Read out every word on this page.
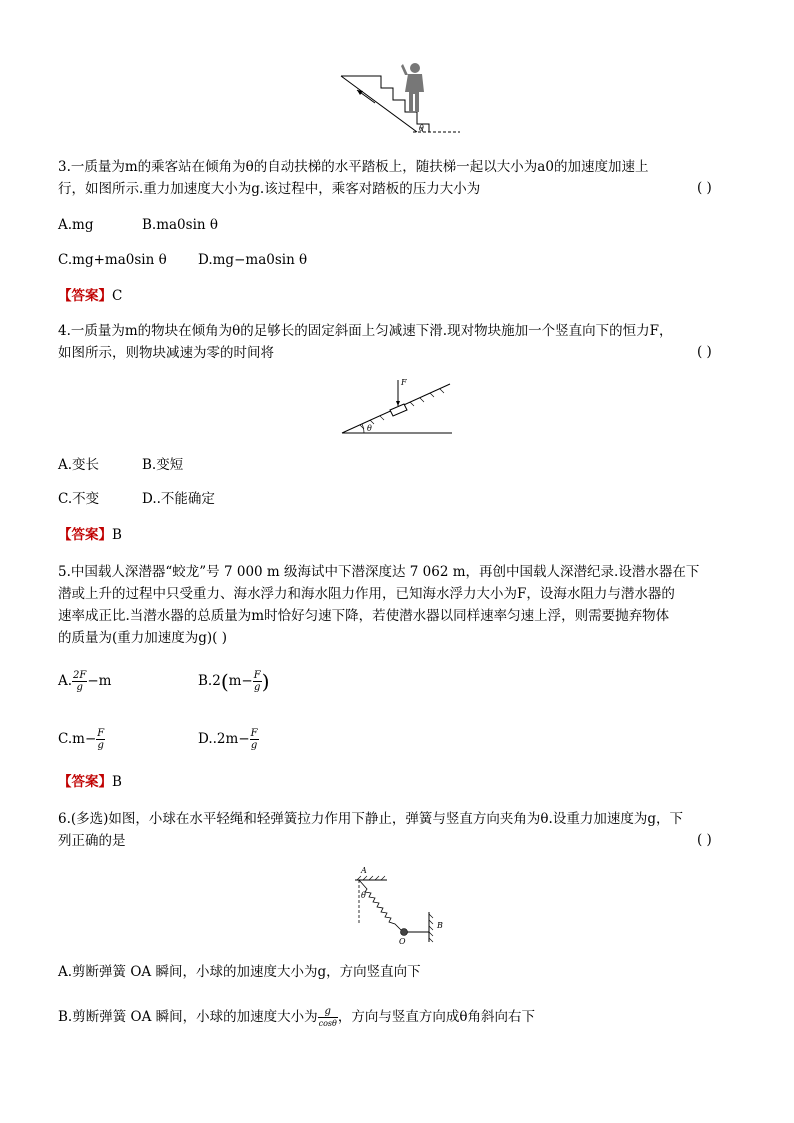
θ
3.一质量为m的乘客站在倾角为θ的自动扶梯的水平踏板上，随扶梯一起以大小为a0的加速度加速上
行，如图所示.重力加速度大小为g.该过程中，乘客对踏板的压力大小为	( )
A.mg	B.ma0sin θ
C.mg+ma0sin θ D.mg−ma0sin θ
【答案】C
4.一质量为m的物块在倾角为θ的足够长的固定斜面上匀减速下滑.现对物块施加一个竖直向下的恒力F，
如图所示，则物块减速为零的时间将	( )
F
θ
A.变长	B.变短
C.不变	D..不能确定
【答案】B
5.中国载人深潜器“蛟龙”号 7 000 m 级海试中下潜深度达 7 062 m，再创中国载人深潜纪录.设潜水器在下
潜或上升的过程中只受重力、海水浮力和海水阻力作用，已知海水浮力大小为F，设海水阻力与潜水器的
速率成正比.当潜水器的总质量为m时恰好匀速下降，若使潜水器以同样速率匀速上浮，则需要抛弃物体
的质量为(重力加速度为g)( )
A. $\frac{2F}{g} -m$	$B.2(m- \frac{F}{g}$ )
$C.m- \frac{F}{g}$	$D..2m- \frac{F}{g}$
【答案】B
6.(多选)如图，小球在水平轻绳和轻弹簧拉力作用下静止，弹簧与竖直方向夹角为θ.设重力加速度为g，下
列正确的是	( )
A
B
O
θ
A.剪断弹簧 OA 瞬间，小球的加速度大小为g，方向竖直向下
B.剪断弹簧 OA 瞬间，小球的加速度大小为 $\frac{g}{\cos\theta}$ ，方向与竖直方向成θ角斜向右下
